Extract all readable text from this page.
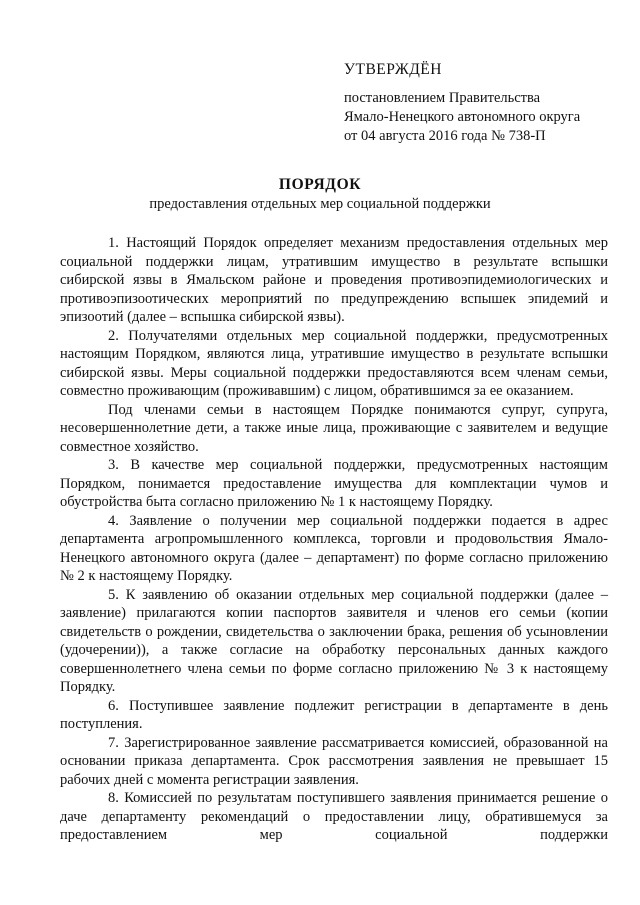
УТВЕРЖДЁН
постановлением Правительства
Ямало-Ненецкого автономного округа
от 04 августа 2016 года № 738-П
ПОРЯДОК
предоставления отдельных мер социальной поддержки

1. Настоящий Порядок определяет механизм предоставления отдельных мер социальной поддержки лицам, утратившим имущество в результате вспышки сибирской язвы в Ямальском районе и проведения противоэпидемиологических и противоэпизоотических мероприятий по предупреждению вспышек эпидемий и эпизоотий (далее – вспышка сибирской язвы).

2. Получателями отдельных мер социальной поддержки, предусмотренных настоящим Порядком, являются лица, утратившие имущество в результате вспышки сибирской язвы. Меры социальной поддержки предоставляются всем членам семьи, совместно проживающим (проживавшим) с лицом, обратившимся за ее оказанием.

Под членами семьи в настоящем Порядке понимаются супруг, супруга, несовершеннолетние дети, а также иные лица, проживающие с заявителем и ведущие совместное хозяйство.

3. В качестве мер социальной поддержки, предусмотренных настоящим Порядком, понимается предоставление имущества для комплектации чумов и обустройства быта согласно приложению № 1 к настоящему Порядку.

4. Заявление о получении мер социальной поддержки подается в адрес департамента агропромышленного комплекса, торговли и продовольствия Ямало-Ненецкого автономного округа (далее – департамент) по форме согласно приложению № 2 к настоящему Порядку.

5. К заявлению об оказании отдельных мер социальной поддержки (далее – заявление) прилагаются копии паспортов заявителя и членов его семьи (копии свидетельств о рождении, свидетельства о заключении брака, решения об усыновлении (удочерении)), а также согласие на обработку персональных данных каждого совершеннолетнего члена семьи по форме согласно приложению № 3 к настоящему Порядку.

6. Поступившее заявление подлежит регистрации в департаменте в день поступления.

7. Зарегистрированное заявление рассматривается комиссией, образованной на основании приказа департамента. Срок рассмотрения заявления не превышает 15 рабочих дней с момента регистрации заявления.

8. Комиссией по результатам поступившего заявления принимается решение о даче департаменту рекомендаций о предоставлении лицу, обратившемуся за предоставлением мер социальной поддержки
